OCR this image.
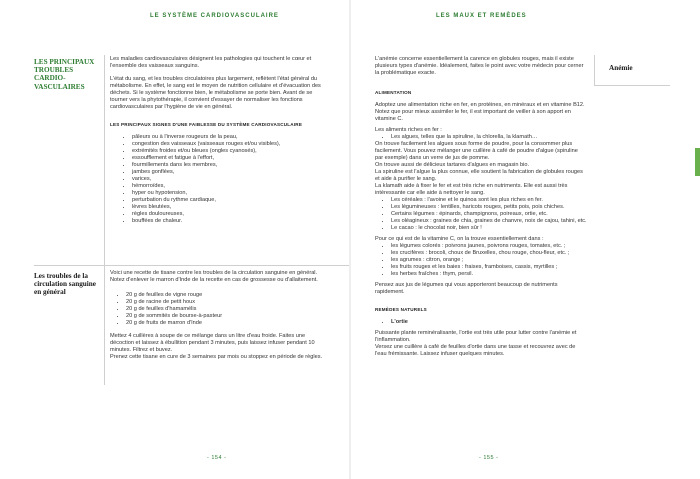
LE SYSTÈME CARDIOVASCULAIRE
LES PRINCIPAUX TROUBLES CARDIO-VASCULAIRES

Les maladies cardiovasculaires désignent les pathologies qui touchent le cœur et l'ensemble des vaisseaux sanguins.

L'état du sang, et les troubles circulatoires plus largement, reflètent l'état général du métabolisme. En effet, le sang est le moyen de nutrition cellulaire et d'évacuation des déchets. Si le système fonctionne bien, le métabolisme se porte bien. Avant de se tourner vers la phytothérapie, il convient d'essayer de normaliser les fonctions cardiovasculaires par l'hygiène de vie en général.

LES PRINCIPAUX SIGNES D'UNE FAIBLESSE DU SYSTÈME CARDIOVASCULAIRE
• pâleurs ou à l'inverse rougeurs de la peau,
• congestion des vaisseaux (vaisseaux rouges et/ou visibles),
• extrémités froides et/ou bleues (ongles cyanosés),
• essoufflement et fatigue à l'effort,
• fourmillements dans les membres,
• jambes gonflées,
• varices,
• hémorroïdes,
• hyper ou hypotension,
• perturbation du rythme cardiaque,
• lèvres bleutées,
• règles douloureuses,
• bouffées de chaleur.
Les troubles de la circulation sanguine en général

Voici une recette de tisane contre les troubles de la circulation sanguine en général.

Notez d'enlever le marron d'Inde de la recette en cas de grossesse ou d'allaitement.

• 20 g de feuilles de vigne rouge
• 20 g de racine de petit houx
• 20 g de feuilles d'hamamélis
• 20 g de sommités de bourse-à-pasteur
• 20 g de fruits de marron d'Inde

Mettez 4 cuillères à soupe de ce mélange dans un litre d'eau froide. Faites une décoction et laissez à ébullition pendant 3 minutes, puis laissez infuser pendant 10 minutes. Filtrez et buvez.

Prenez cette tisane en cure de 3 semaines par mois ou stoppez en période de règles.

- 154 -
LES MAUX ET REMÈDES
Anémie

L'anémie concerne essentiellement la carence en globules rouges, mais il existe plusieurs types d'anémie. Idéalement, faites le point avec votre médecin pour cerner la problématique exacte.

ALIMENTATION

Adoptez une alimentation riche en fer, en protéines, en minéraux et en vitamine B12. Notez que pour mieux assimiler le fer, il est important de veiller à son apport en vitamine C.

Les aliments riches en fer :
• Les algues, telles que la spiruline, la chlorella, la klamath…
On trouve facilement les algues sous forme de poudre, pour la consommer plus facilement. Vous pouvez mélanger une cuillère à café de poudre d'algue (spiruline par exemple) dans un verre de jus de pomme.
On trouve aussi de délicieux tartares d'algues en magasin bio.
La spiruline est l'algue la plus connue, elle soutient la fabrication de globules rouges et aide à purifier le sang.
La klamath aide à fixer le fer et est très riche en nutriments. Elle est aussi très intéressante car elle aide à nettoyer le sang.
• Les céréales : l'avoine et le quinoa sont les plus riches en fer.
• Les légumineuses : lentilles, haricots rouges, petits pois, pois chiches.
• Certains légumes : épinards, champignons, poireaux, ortie, etc.
• Les oléagineux : graines de chia, graines de chanvre, noix de cajou, tahini, etc.
• Le cacao : le chocolat noir, bien sûr !
Pour ce qui est de la vitamine C, on la trouve essentiellement dans :
• les légumes colorés : poivrons jaunes, poivrons rouges, tomates, etc. ;
• les crucifères : brocoli, choux de Bruxelles, chou rouge, chou-fleur, etc. ;
• les agrumes : citron, orange ;
• les fruits rouges et les baies : fraises, framboises, cassis, myrtilles ;
• les herbes fraîches : thym, persil.

Pensez aux jus de légumes qui vous apporteront beaucoup de nutriments rapidement.

REMÈDES NATURELS
• L'ortie
Puissante plante reminéralisante, l'ortie est très utile pour lutter contre l'anémie et l'inflammation.
Versez une cuillère à café de feuilles d'ortie dans une tasse et recouvrez avec de l'eau frémissante. Laissez infuser quelques minutes.
- 155 -
